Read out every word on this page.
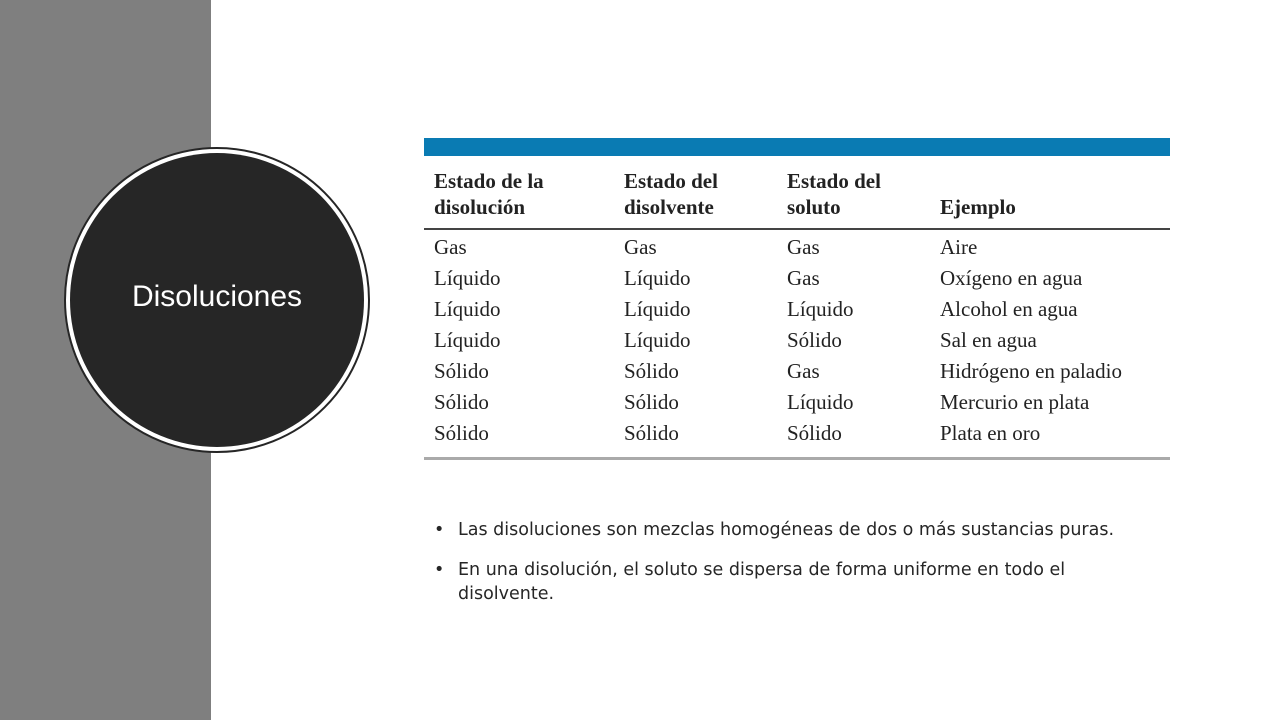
Disoluciones
Estado de la disolución	Estado del disolvente	Estado del soluto	Ejemplo
Gas	Gas	Gas	Aire
Líquido	Líquido	Gas	Oxígeno en agua
Líquido	Líquido	Líquido	Alcohol en agua
Líquido	Líquido	Sólido	Sal en agua
Sólido	Sólido	Gas	Hidrógeno en paladio
Sólido	Sólido	Líquido	Mercurio en plata
Sólido	Sólido	Sólido	Plata en oro
• Las disoluciones son mezclas homogéneas de dos o más sustancias puras.
• En una disolución, el soluto se dispersa de forma uniforme en todo el disolvente.
